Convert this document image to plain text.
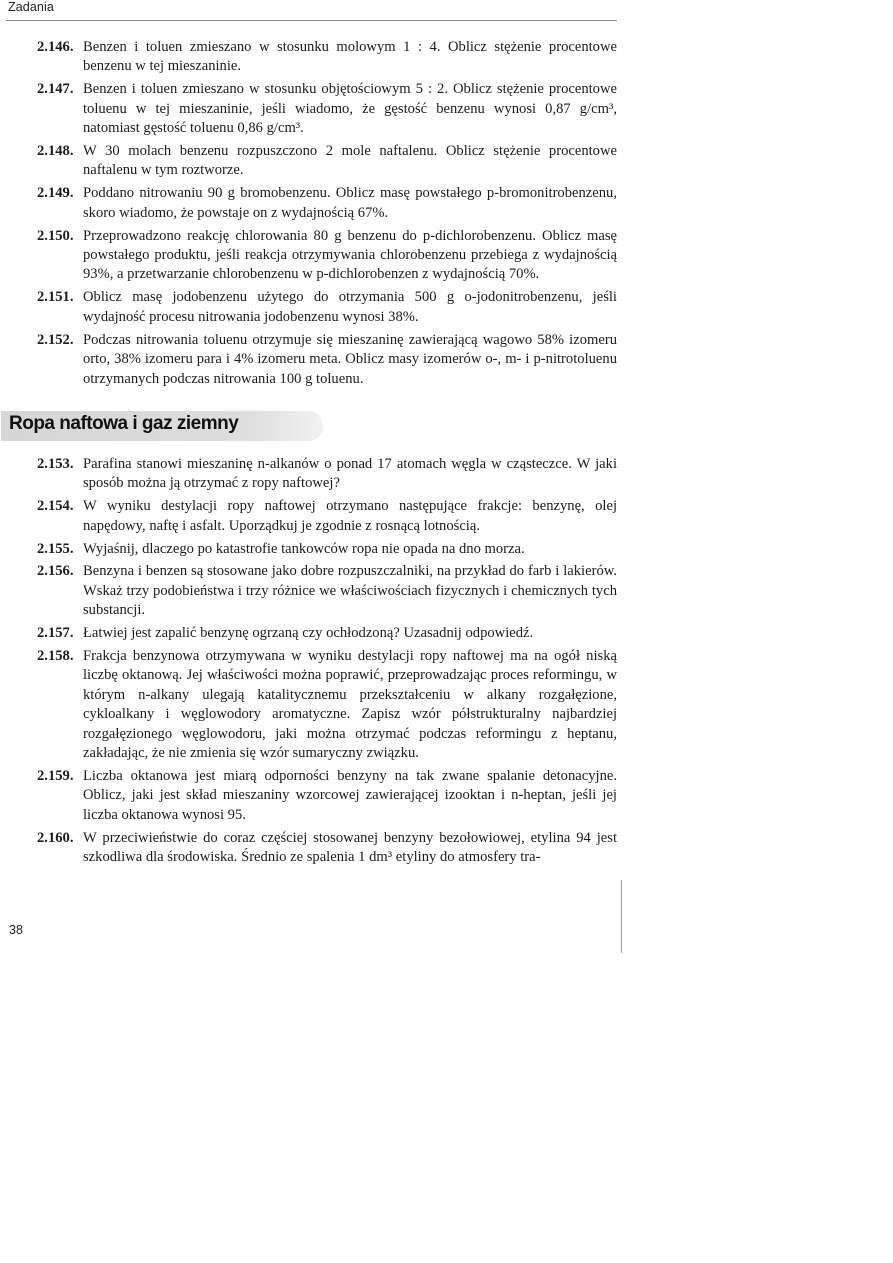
Zadania
2.146. Benzen i toluen zmieszano w stosunku molowym 1 : 4. Oblicz stężenie procentowe benzenu w tej mieszaninie.
2.147. Benzen i toluen zmieszano w stosunku objętościowym 5 : 2. Oblicz stężenie procentowe toluenu w tej mieszaninie, jeśli wiadomo, że gęstość benzenu wynosi 0,87 g/cm³, natomiast gęstość toluenu 0,86 g/cm³.
2.148. W 30 molach benzenu rozpuszczono 2 mole naftalenu. Oblicz stężenie procentowe naftalenu w tym roztworze.
2.149. Poddano nitrowaniu 90 g bromobenzenu. Oblicz masę powstałego p-bromonitrobenzenu, skoro wiadomo, że powstaje on z wydajnością 67%.
2.150. Przeprowadzono reakcję chlorowania 80 g benzenu do p-dichlorobenzenu. Oblicz masę powstałego produktu, jeśli reakcja otrzymywania chlorobenzenu przebiega z wydajnością 93%, a przetwarzanie chlorobenzenu w p-dichlorobenzen z wydajnością 70%.
2.151. Oblicz masę jodobenzenu użytego do otrzymania 500 g o-jodonitrobenzenu, jeśli wydajność procesu nitrowania jodobenzenu wynosi 38%.
2.152. Podczas nitrowania toluenu otrzymuje się mieszaninę zawierającą wagowo 58% izomeru orto, 38% izomeru para i 4% izomeru meta. Oblicz masy izomerów o-, m- i p-nitrotoluenu otrzymanych podczas nitrowania 100 g toluenu.
Ropa naftowa i gaz ziemny
2.153. Parafina stanowi mieszaninę n-alkanów o ponad 17 atomach węgla w cząsteczce. W jaki sposób można ją otrzymać z ropy naftowej?
2.154. W wyniku destylacji ropy naftowej otrzymano następujące frakcje: benzynę, olej napędowy, naftę i asfalt. Uporządkuj je zgodnie z rosnącą lotnością.
2.155. Wyjaśnij, dlaczego po katastrofie tankowców ropa nie opada na dno morza.
2.156. Benzyna i benzen są stosowane jako dobre rozpuszczalniki, na przykład do farb i lakierów. Wskaż trzy podobieństwa i trzy różnice we właściwościach fizycznych i chemicznych tych substancji.
2.157. Łatwiej jest zapalić benzynę ogrzaną czy ochłodzoną? Uzasadnij odpowiedź.
2.158. Frakcja benzynowa otrzymywana w wyniku destylacji ropy naftowej ma na ogół niską liczbę oktanową. Jej właściwości można poprawić, przeprowadzając proces reformingu, w którym n-alkany ulegają katalitycznemu przekształceniu w alkany rozgałęzione, cykloalkany i węglowodory aromatyczne. Zapisz wzór półstrukturalny najbardziej rozgałęzionego węglowodoru, jaki można otrzymać podczas reformingu z heptanu, zakładając, że nie zmienia się wzór sumaryczny związku.
2.159. Liczba oktanowa jest miarą odporności benzyny na tak zwane spalanie detonacyjne. Oblicz, jaki jest skład mieszaniny wzorcowej zawierającej izooktan i n-heptan, jeśli jej liczba oktanowa wynosi 95.
2.160. W przeciwieństwie do coraz częściej stosowanej benzyny bezołowiowej, etylina 94 jest szkodliwa dla środowiska. Średnio ze spalenia 1 dm³ etyliny do atmosfery tra-
38
